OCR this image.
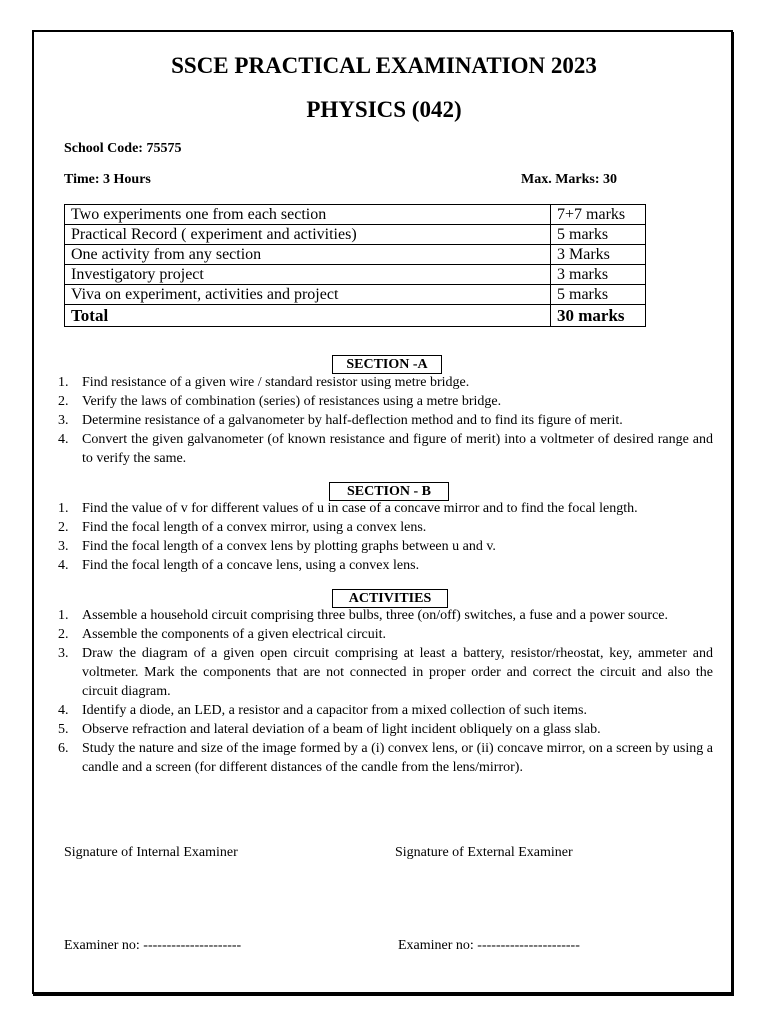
SSCE PRACTICAL EXAMINATION 2023
PHYSICS (042)
School Code: 75575
Time: 3 Hours	Max. Marks: 30
Two experiments one from each section	7+7 marks
Practical Record ( experiment and activities)	5 marks
One activity from any section	3 Marks
Investigatory project	3 marks
Viva on experiment, activities and project	5 marks
Total	30 marks
SECTION -A
1. Find resistance of a given wire / standard resistor using metre bridge.
2. Verify the laws of combination (series) of resistances using a metre bridge.
3. Determine resistance of a galvanometer by half-deflection method and to find its figure of merit.
4. Convert the given galvanometer (of known resistance and figure of merit) into a voltmeter of desired range and to verify the same.
SECTION - B
1. Find the value of v for different values of u in case of a concave mirror and to find the focal length.
2. Find the focal length of a convex mirror, using a convex lens.
3. Find the focal length of a convex lens by plotting graphs between u and v.
4. Find the focal length of a concave lens, using a convex lens.
ACTIVITIES
1. Assemble a household circuit comprising three bulbs, three (on/off) switches, a fuse and a power source.
2. Assemble the components of a given electrical circuit.
3. Draw the diagram of a given open circuit comprising at least a battery, resistor/rheostat, key, ammeter and voltmeter. Mark the components that are not connected in proper order and correct the circuit and also the circuit diagram.
4. Identify a diode, an LED, a resistor and a capacitor from a mixed collection of such items.
5. Observe refraction and lateral deviation of a beam of light incident obliquely on a glass slab.
6. Study the nature and size of the image formed by a (i) convex lens, or (ii) concave mirror, on a screen by using a candle and a screen (for different distances of the candle from the lens/mirror).
Signature of Internal Examiner	Signature of External Examiner
Examiner no: ---------------------	Examiner no: ----------------------
